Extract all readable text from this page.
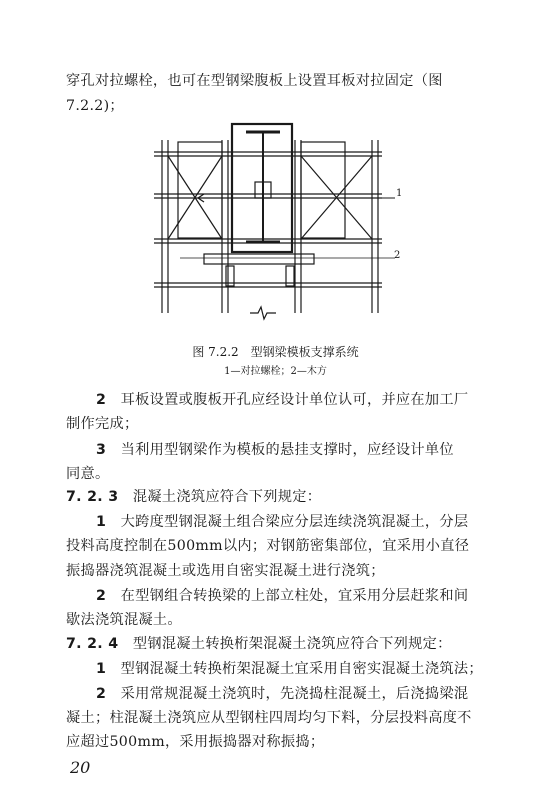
穿孔对拉螺栓，也可在型钢梁腹板上设置耳板对拉固定（图
7.2.2)；
1
2
图 7.2.2　型钢梁模板支撑系统
1—对拉螺栓；2—木方
2　 耳板设置或腹板开孔应经设计单位认可，并应在加工厂
制作完成；
3　 当利用型钢梁作为模板的悬挂支撑时，应经设计单位
同意。
7. 2. 3　 混凝土浇筑应符合下列规定：
1　 大跨度型钢混凝土组合梁应分层连续浇筑混凝土，分层
投料高度控制在500mm以内；对钢筋密集部位，宜采用小直径
振捣器浇筑混凝土或选用自密实混凝土进行浇筑；
2　 在型钢组合转换梁的上部立柱处，宜采用分层赶浆和间
歇法浇筑混凝土。
7. 2. 4　 型钢混凝土转换桁架混凝土浇筑应符合下列规定：
1　 型钢混凝土转换桁架混凝土宜采用自密实混凝土浇筑法；
2　 采用常规混凝土浇筑时，先浇捣柱混凝土，后浇捣梁混
凝土；柱混凝土浇筑应从型钢柱四周均匀下料，分层投料高度不
应超过500mm，采用振捣器对称振捣；
20
